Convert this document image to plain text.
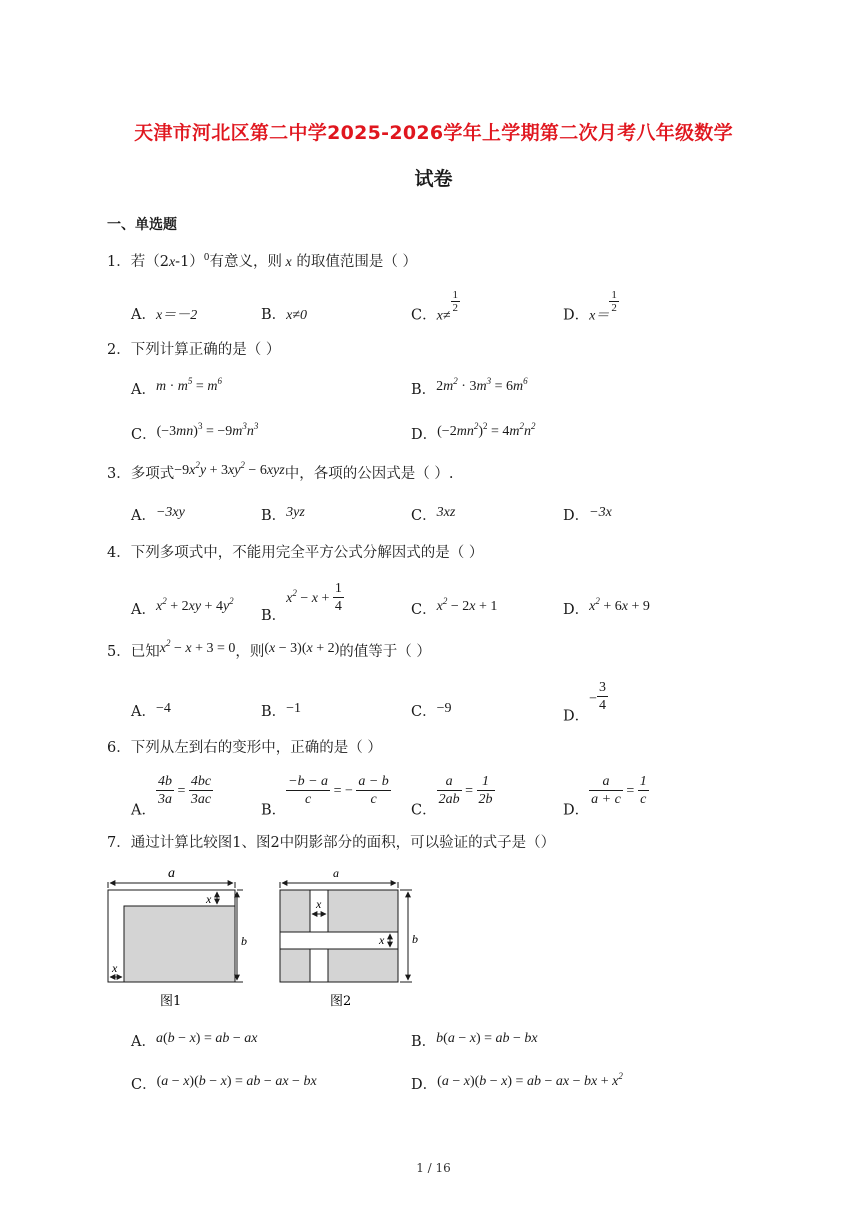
天津市河北区第二中学2025-2026学年上学期第二次月考八年级数学
试卷
一、单选题
1．若$(2x-1)^0$有意义，则 x 的取值范围是（ ）
A．x＝－2	B．x≠0	C．x≠
$\frac{1}{2}$
D．x＝
$\frac{1}{2}$
2．下列计算正确的是（ ）
A．$m \cdot m^5 = m^6$
B．$2m^2 \cdot 3m^3 = 6m^6$
C．$(-3mn)^3 = -9m^3n^3$
D．$(-2mn^2)^2 = 4m^2n^2$
3．多项式$-9x^2y + 3xy^2 - 6xyz$中，各项的公因式是（ ）.
A．−3xy	B．3yz	C．3xz	D．−3x
4．下列多项式中，不能用完全平方公式分解因式的是（ ）
A．$x^2 + 2xy + 4y^2$
B．$x^2 - x + \frac{1}{4}$	C．$x^2 - 2x + 1$	D．$x^2 + 6x + 9$
5．已知$x^2 - x + 3 = 0$，则(x − 3)(x + 2)的值等于（ ）
A．−4	B．−1	C．−9	D．− $\frac{3}{4}$
6．下列从左到右的变形中，正确的是（ ）
A．
$\frac{4b}{3a} = \frac{4bc}{3ac}$
B．
$\frac{-b - a}{c}$ = − $\frac{a - b}{c}$
C．
$\frac{a}{2ab} = \frac{1}{2b}$
D．
$\frac{a}{a + c} = \frac{1}{c}$
7．通过计算比较图1、图2中阴影部分的面积，可以验证的式子是（）
a
b
x
x
图1
a
b
x
x
图2
A．a(b − x) = ab − ax	B．b(a − x) = ab − bx
C．(a − x)(b − x) = ab − ax − bx	D．(a − x)(b − x) = ab − ax − bx + $x^2$
1 / 16
